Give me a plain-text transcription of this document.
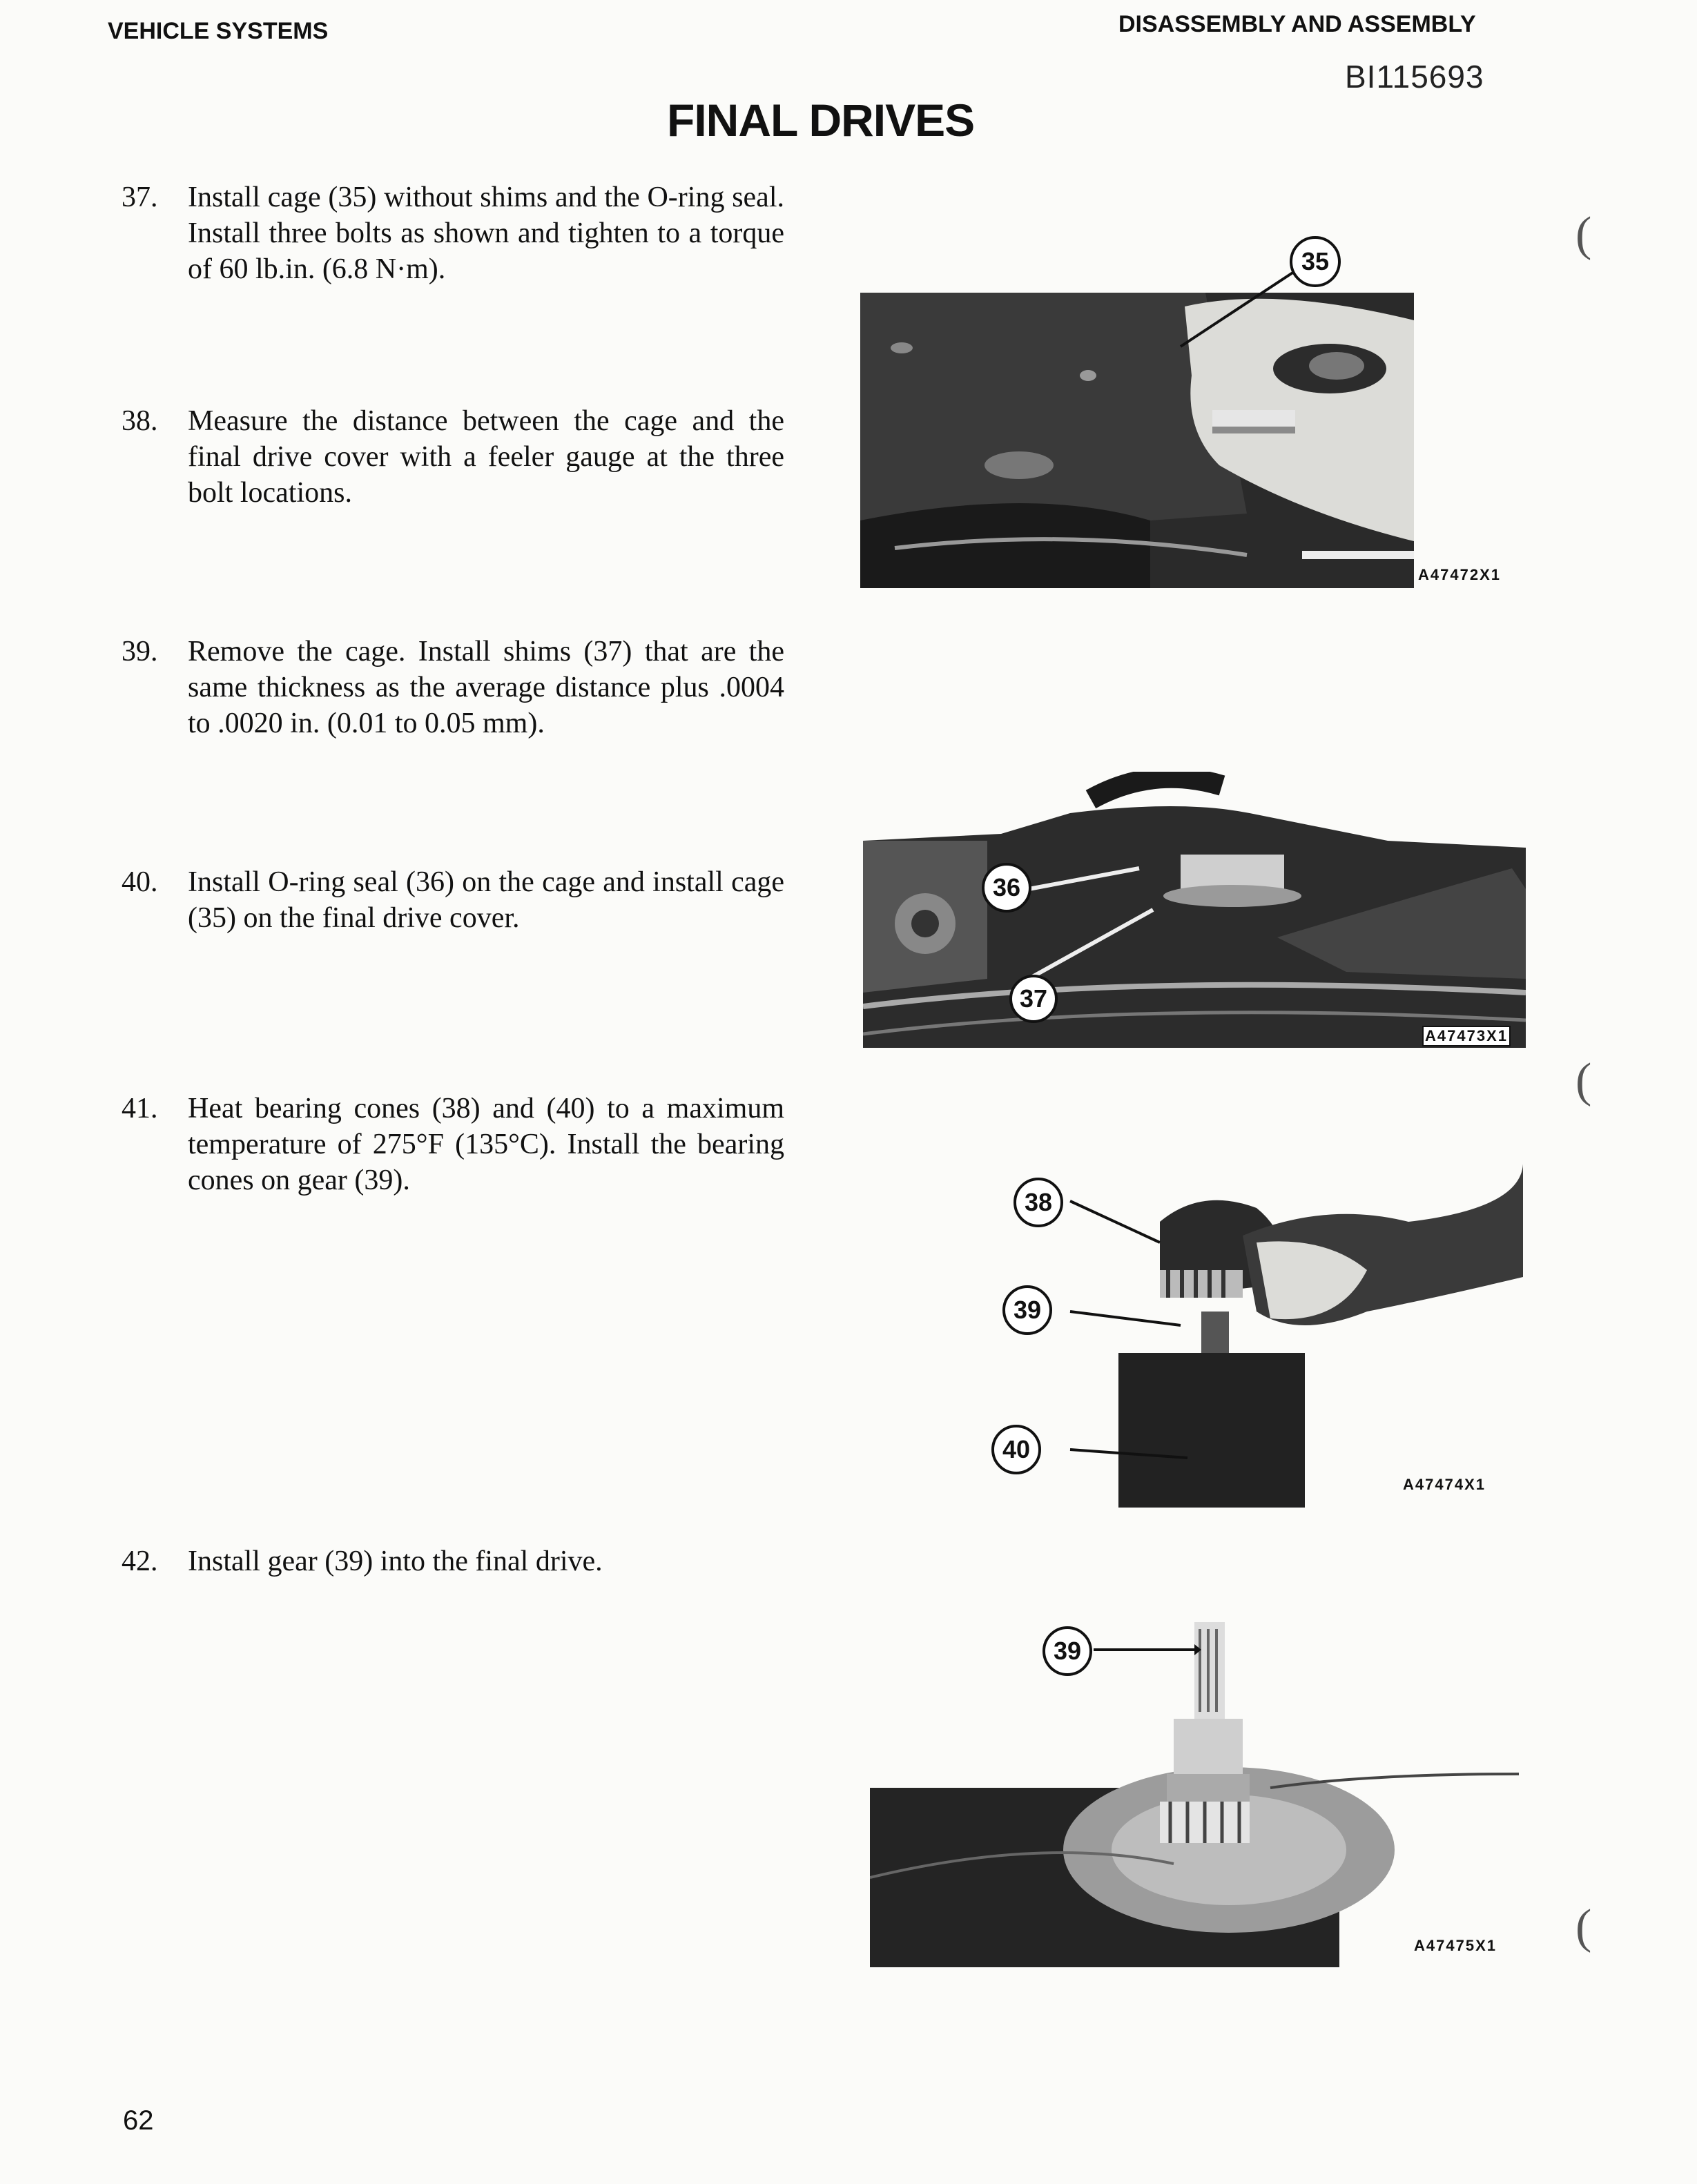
VEHICLE SYSTEMS	DISASSEMBLY AND ASSEMBLY
BI115693
FINAL DRIVES
37.	Install cage (35) without shims and the O-ring seal. Install three bolts as shown and tighten to a torque of 60 lb.in. (6.8 N·m).
38.	Measure the distance between the cage and the final drive cover with a feeler gauge at the three bolt locations.
39.	Remove the cage. Install shims (37) that are the same thickness as the average distance plus .0004 to .0020 in. (0.01 to 0.05 mm).
40.	Install O-ring seal (36) on the cage and install cage (35) on the final drive cover.
41.	Heat bearing cones (38) and (40) to a maximum temperature of 275°F (135°C). Install the bearing cones on gear (39).
42.	Install gear (39) into the final drive.
35
A47472X1
36
37
A47473X1
38
39
40
A47474X1
39
A47475X1
(
(
(
62
